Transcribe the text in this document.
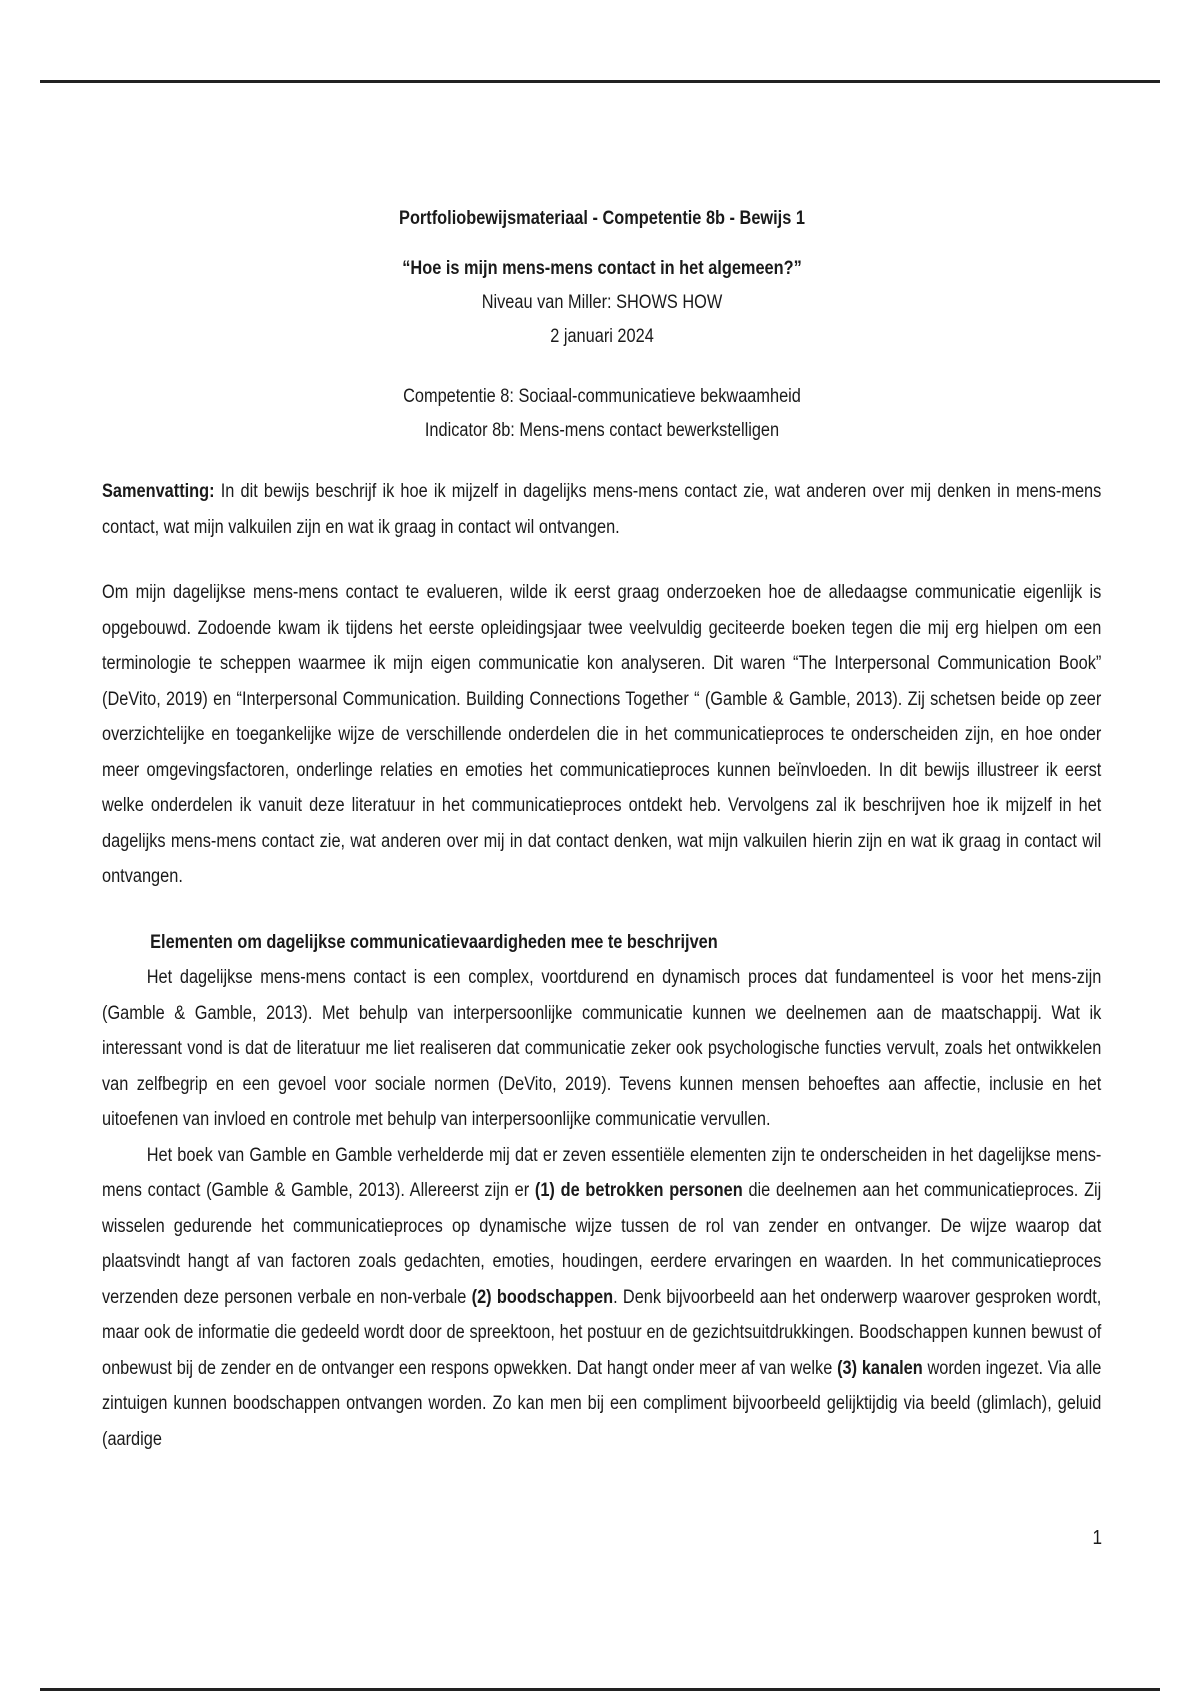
Portfoliobewijsmateriaal - Competentie 8b - Bewijs 1
“Hoe is mijn mens-mens contact in het algemeen?”
Niveau van Miller: SHOWS HOW
2 januari 2024
Competentie 8: Sociaal-communicatieve bekwaamheid
Indicator 8b: Mens-mens contact bewerkstelligen

Samenvatting: In dit bewijs beschrijf ik hoe ik mijzelf in dagelijks mens-mens contact zie, wat anderen over mij denken in mens-mens contact, wat mijn valkuilen zijn en wat ik graag in contact wil ontvangen.

Om mijn dagelijkse mens-mens contact te evalueren, wilde ik eerst graag onderzoeken hoe de alledaagse communicatie eigenlijk is opgebouwd. Zodoende kwam ik tijdens het eerste opleidingsjaar twee veelvuldig geciteerde boeken tegen die mij erg hielpen om een terminologie te scheppen waarmee ik mijn eigen communicatie kon analyseren. Dit waren “The Interpersonal Communication Book” (DeVito, 2019) en “Interpersonal Communication. Building Connections Together “ (Gamble & Gamble, 2013). Zij schetsen beide op zeer overzichtelijke en toegankelijke wijze de verschillende onderdelen die in het communicatieproces te onderscheiden zijn, en hoe onder meer omgevingsfactoren, onderlinge relaties en emoties het communicatieproces kunnen beïnvloeden. In dit bewijs illustreer ik eerst welke onderdelen ik vanuit deze literatuur in het communicatieproces ontdekt heb. Vervolgens zal ik beschrijven hoe ik mijzelf in het dagelijks mens-mens contact zie, wat anderen over mij in dat contact denken, wat mijn valkuilen hierin zijn en wat ik graag in contact wil ontvangen.

Elementen om dagelijkse communicatievaardigheden mee te beschrijven

Het dagelijkse mens-mens contact is een complex, voortdurend en dynamisch proces dat fundamenteel is voor het mens-zijn (Gamble & Gamble, 2013). Met behulp van interpersoonlijke communicatie kunnen we deelnemen aan de maatschappij. Wat ik interessant vond is dat de literatuur me liet realiseren dat communicatie zeker ook psychologische functies vervult, zoals het ontwikkelen van zelfbegrip en een gevoel voor sociale normen (DeVito, 2019). Tevens kunnen mensen behoeftes aan affectie, inclusie en het uitoefenen van invloed en controle met behulp van interpersoonlijke communicatie vervullen.

Het boek van Gamble en Gamble verhelderde mij dat er zeven essentiële elementen zijn te onderscheiden in het dagelijkse mens-mens contact (Gamble & Gamble, 2013). Allereerst zijn er (1) de betrokken personen die deelnemen aan het communicatieproces. Zij wisselen gedurende het communicatieproces op dynamische wijze tussen de rol van zender en ontvanger. De wijze waarop dat plaatsvindt hangt af van factoren zoals gedachten, emoties, houdingen, eerdere ervaringen en waarden. In het communicatieproces verzenden deze personen verbale en non-verbale (2) boodschappen. Denk bijvoorbeeld aan het onderwerp waarover gesproken wordt, maar ook de informatie die gedeeld wordt door de spreektoon, het postuur en de gezichtsuitdrukkingen. Boodschappen kunnen bewust of onbewust bij de zender en de ontvanger een respons opwekken. Dat hangt onder meer af van welke (3) kanalen worden ingezet. Via alle zintuigen kunnen boodschappen ontvangen worden. Zo kan men bij een compliment bijvoorbeeld gelijktijdig via beeld (glimlach), geluid (aardige

1
